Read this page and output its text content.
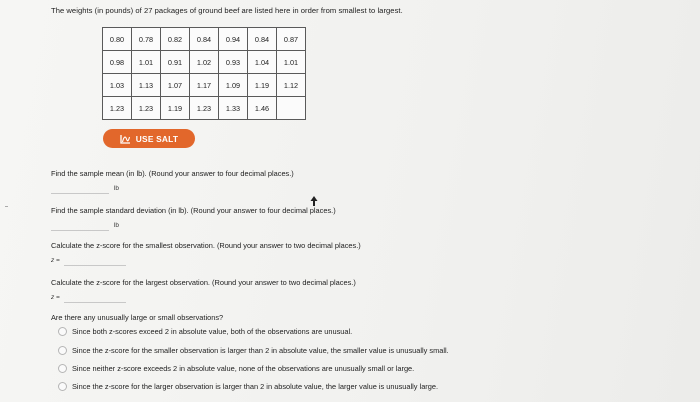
The weights (in pounds) of 27 packages of ground beef are listed here in order from smallest to largest.
0.80	0.78	0.82	0.84	0.94	0.84	0.87
0.98	1.01	0.91	1.02	0.93	1.04	1.01
1.03	1.13	1.07	1.17	1.09	1.19	1.12
1.23	1.23	1.19	1.23	1.33	1.46	
USE SALT
Find the sample mean (in lb). (Round your answer to four decimal places.)
lb
Find the sample standard deviation (in lb). (Round your answer to four decimal places.)
lb
Calculate the z-score for the smallest observation. (Round your answer to two decimal places.)
z =
Calculate the z-score for the largest observation. (Round your answer to two decimal places.)
z =
Are there any unusually large or small observations?
Since both z-scores exceed 2 in absolute value, both of the observations are unusual.
Since the z-score for the smaller observation is larger than 2 in absolute value, the smaller value is unusually small.
Since neither z-score exceeds 2 in absolute value, none of the observations are unusually small or large.
Since the z-score for the larger observation is larger than 2 in absolute value, the larger value is unusually large.
